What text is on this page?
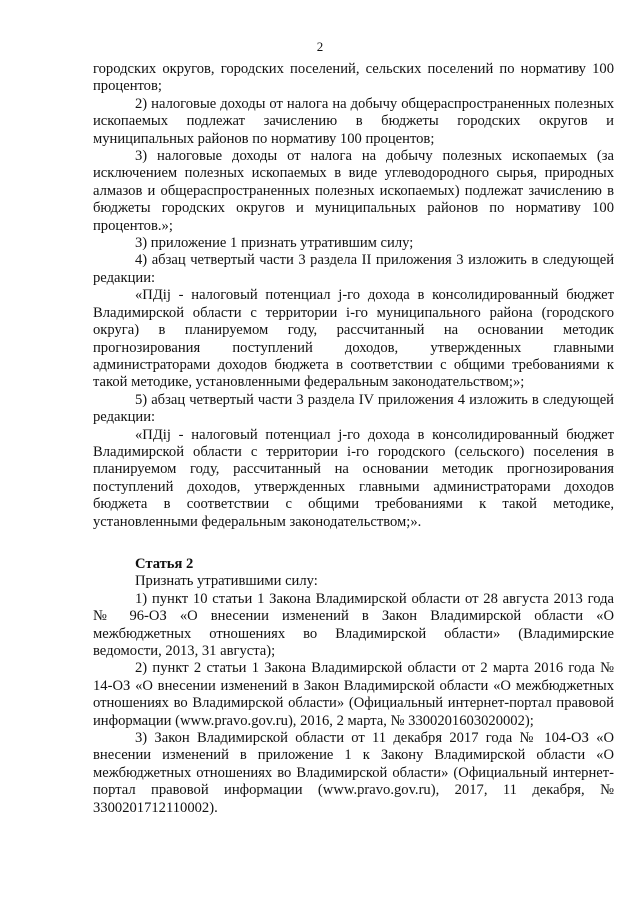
2

городских округов, городских поселений, сельских поселений по нормативу 100 процентов;

2) налоговые доходы от налога на добычу общераспространенных полезных ископаемых подлежат зачислению в бюджеты городских округов и муниципальных районов по нормативу 100 процентов;

3) налоговые доходы от налога на добычу полезных ископаемых (за исключением полезных ископаемых в виде углеводородного сырья, природных алмазов и общераспространенных полезных ископаемых) подлежат зачислению в бюджеты городских округов и муниципальных районов по нормативу 100 процентов.»;

3) приложение 1 признать утратившим силу;

4) абзац четвертый части 3 раздела II приложения 3 изложить в следующей редакции:

«ПДij - налоговый потенциал j-го дохода в консолидированный бюджет Владимирской области с территории i-го муниципального района (городского округа) в планируемом году, рассчитанный на основании методик прогнозирования поступлений доходов, утвержденных главными администраторами доходов бюджета в соответствии с общими требованиями к такой методике, установленными федеральным законодательством;»;

5) абзац четвертый части 3 раздела IV приложения 4 изложить в следующей редакции:

«ПДij - налоговый потенциал j-го дохода в консолидированный бюджет Владимирской области с территории i-го городского (сельского) поселения в планируемом году, рассчитанный на основании методик прогнозирования поступлений доходов, утвержденных главными администраторами доходов бюджета в соответствии с общими требованиями к такой методике, установленными федеральным законодательством;».

Статья 2

Признать утратившими силу:

1) пункт 10 статьи 1 Закона Владимирской области от 28 августа 2013 года № 96-ОЗ «О внесении изменений в Закон Владимирской области «О межбюджетных отношениях во Владимирской области» (Владимирские ведомости, 2013, 31 августа);

2) пункт 2 статьи 1 Закона Владимирской области от 2 марта 2016 года № 14-ОЗ «О внесении изменений в Закон Владимирской области «О межбюджетных отношениях во Владимирской области» (Официальный интернет-портал правовой информации (www.pravo.gov.ru), 2016, 2 марта, № 3300201603020002);

3) Закон Владимирской области от 11 декабря 2017 года № 104-ОЗ «О внесении изменений в приложение 1 к Закону Владимирской области «О межбюджетных отношениях во Владимирской области» (Официальный интернет-портал правовой информации (www.pravo.gov.ru), 2017, 11 декабря, № 3300201712110002).
